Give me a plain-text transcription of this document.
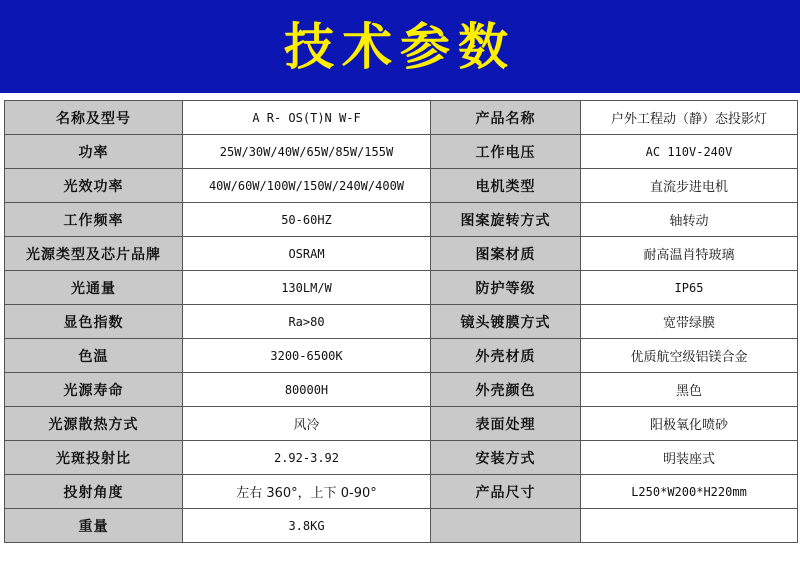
技术参数
名称及型号	A R- OS(T)N W-F	产品名称	户外工程动（静）态投影灯
功率	25W/30W/40W/65W/85W/155W	工作电压	AC 110V-240V
光效功率	40W/60W/100W/150W/240W/400W	电机类型	直流步进电机
工作频率	50-60HZ	图案旋转方式	轴转动
光源类型及芯片品牌	OSRAM	图案材质	耐高温肖特玻璃
光通量	130LM/W	防护等级	IP65
显色指数	Ra>80	镜头镀膜方式	宽带绿膜
色温	3200-6500K	外壳材质	优质航空级铝镁合金
光源寿命	80000H	外壳颜色	黑色
光源散热方式	风冷	表面处理	阳极氧化喷砂
光斑投射比	2.92-3.92	安装方式	明装座式
投射角度	左右 360°，上下 0-90°	产品尺寸	L250*W200*H220mm
重量	3.8KG		
